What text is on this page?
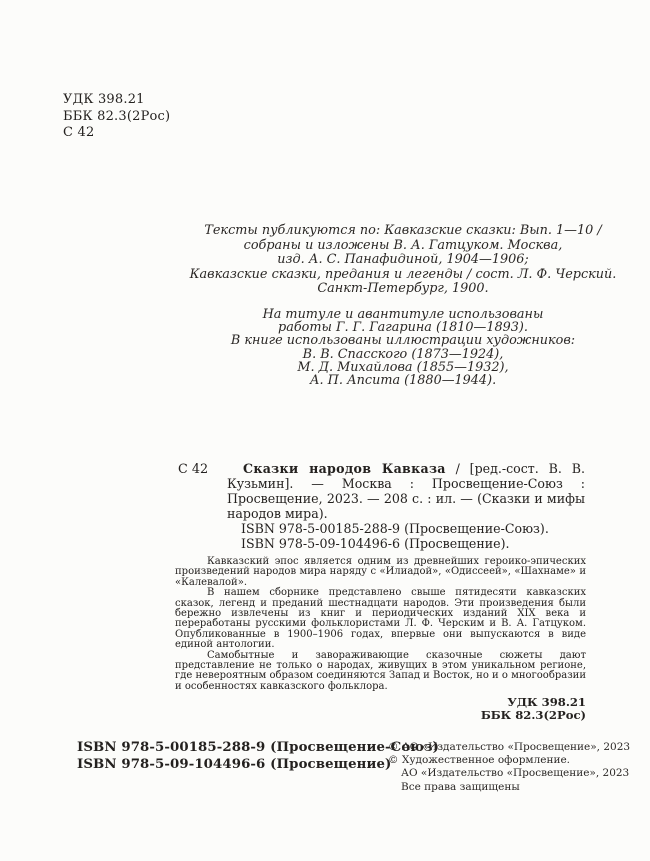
УДК 398.21
ББК 82.3(2Рос)
С 42
Тексты публикуются по: Кавказские сказки: Вып. 1—10 /
собраны и изложены В. А. Гатцуком. Москва,
изд. А. С. Панафидиной, 1904—1906;
Кавказские сказки, предания и легенды / сост. Л. Ф. Черский.
Санкт-Петербург, 1900.
На титуле и авантитуле использованы
работы Г. Г. Гагарина (1810—1893).
В книге использованы иллюстрации художников:
В. В. Спасского (1873—1924),
М. Д. Михайлова (1855—1932),
А. П. Апсита (1880—1944).
С 42	Сказки народов Кавказа / [ред.-сост. В. В. Кузьмин]. — Москва : Просвещение-Союз : Просвещение, 2023. — 208 с. : ил. — (Сказки и мифы народов мира).

ISBN 978-5-00185-288-9 (Просвещение-Союз).
ISBN 978-5-09-104496-6 (Просвещение).

Кавказский эпос является одним из древнейших героико-эпических произведений народов мира наряду с «Илиадой», «Одиссеей», «Шахнаме» и «Калевалой».

В нашем сборнике представлено свыше пятидесяти кавказских сказок, легенд и преданий шестнадцати народов. Эти произведения были бережно извлечены из книг и периодических изданий XIX века и переработаны русскими фольклористами Л. Ф. Черским и В. А. Гатцуком. Опубликованные в 1900–1906 годах, впервые они выпускаются в виде единой антологии.

Самобытные и завораживающие сказочные сюжеты дают представление не только о народах, живущих в этом уникальном регионе, где невероятным образом соединяются Запад и Восток, но и о многообразии и особенностях кавказского фольклора.

УДК 398.21
ББК 82.3(2Рос)
ISBN 978-5-00185-288-9 (Просвещение-Союз)
ISBN 978-5-09-104496-6 (Просвещение)
© АО «Издательство «Просвещение», 2023
© Художественное оформление.
АО «Издательство «Просвещение», 2023
Все права защищены
